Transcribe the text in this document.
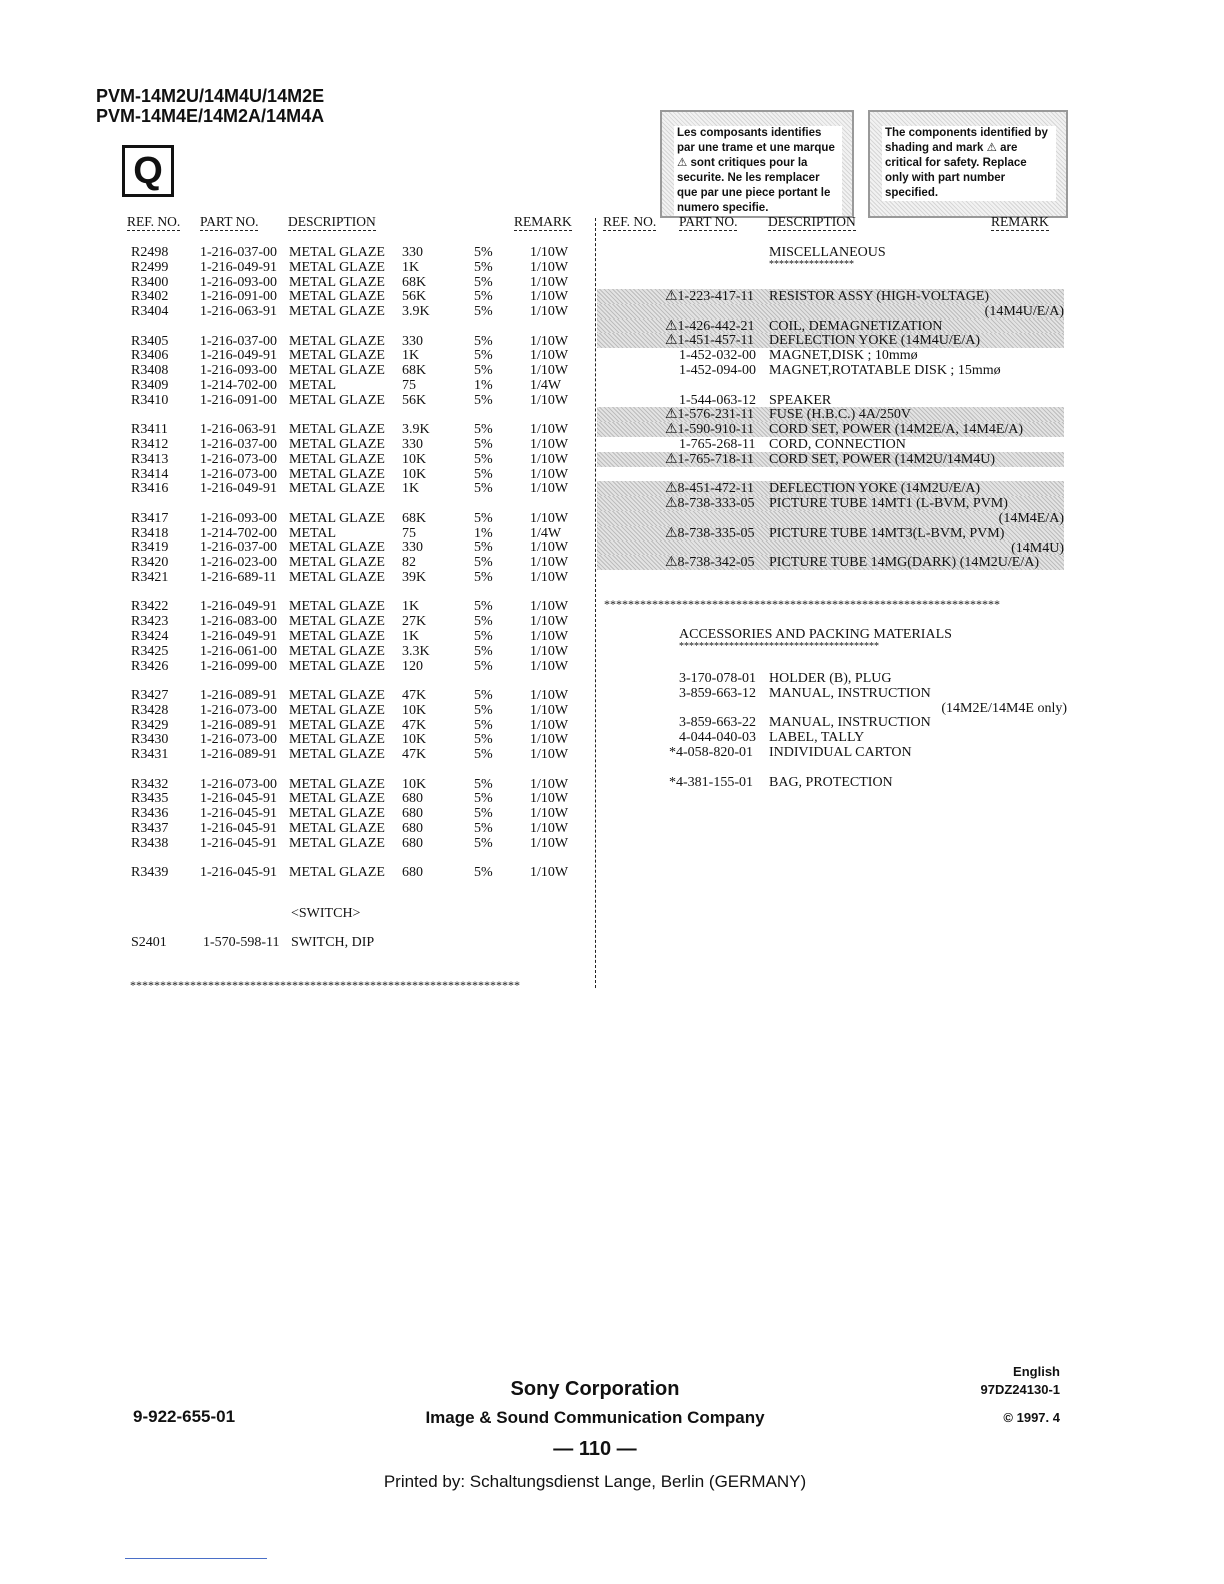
PVM-14M2U/14M4U/14M2E
PVM-14M4E/14M2A/14M4A
Q
Les composants identifies par une trame et une marque ⚠ sont critiques pour la securite. Ne les remplacer que par une piece portant le numero specifie.
The components identified by shading and mark ⚠ are critical for safety. Replace only with part number specified.
REF. NO. PART NO. DESCRIPTION	REMARK REF. NO. PART NO. DESCRIPTION	REMARK
R2498 1-216-037-00 METAL GLAZE 330	5%	1/10W
R2499 1-216-049-91 METAL GLAZE 1K	5%	1/10W
R3400 1-216-093-00 METAL GLAZE 68K	5%	1/10W
R3402 1-216-091-00 METAL GLAZE 56K	5%	1/10W
R3404 1-216-063-91 METAL GLAZE 3.9K	5%	1/10W
R3405 1-216-037-00 METAL GLAZE 330	5%	1/10W
R3406 1-216-049-91 METAL GLAZE 1K	5%	1/10W
R3408 1-216-093-00 METAL GLAZE 68K	5%	1/10W
R3409 1-214-702-00 METAL	75	1%	1/4W
R3410 1-216-091-00 METAL GLAZE 56K	5%	1/10W
R3411 1-216-063-91 METAL GLAZE 3.9K	5%	1/10W
R3412 1-216-037-00 METAL GLAZE 330	5%	1/10W
R3413 1-216-073-00 METAL GLAZE 10K	5%	1/10W
R3414 1-216-073-00 METAL GLAZE 10K	5%	1/10W
R3416 1-216-049-91 METAL GLAZE 1K	5%	1/10W
R3417 1-216-093-00 METAL GLAZE 68K	5%	1/10W
R3418 1-214-702-00 METAL	75	1%	1/4W
R3419 1-216-037-00 METAL GLAZE 330	5%	1/10W
R3420 1-216-023-00 METAL GLAZE 82	5%	1/10W
R3421 1-216-689-11 METAL GLAZE 39K	5%	1/10W
R3422 1-216-049-91 METAL GLAZE 1K	5%	1/10W
R3423 1-216-083-00 METAL GLAZE 27K	5%	1/10W
R3424 1-216-049-91 METAL GLAZE 1K	5%	1/10W
R3425 1-216-061-00 METAL GLAZE 3.3K	5%	1/10W
R3426 1-216-099-00 METAL GLAZE 120	5%	1/10W
R3427 1-216-089-91 METAL GLAZE 47K	5%	1/10W
R3428 1-216-073-00 METAL GLAZE 10K	5%	1/10W
R3429 1-216-089-91 METAL GLAZE 47K	5%	1/10W
R3430 1-216-073-00 METAL GLAZE 10K	5%	1/10W
R3431 1-216-089-91 METAL GLAZE 47K	5%	1/10W
R3432 1-216-073-00 METAL GLAZE 10K	5%	1/10W
R3435 1-216-045-91 METAL GLAZE 680	5%	1/10W
R3436 1-216-045-91 METAL GLAZE 680	5%	1/10W
R3437 1-216-045-91 METAL GLAZE 680	5%	1/10W
R3438 1-216-045-91 METAL GLAZE 680	5%	1/10W
R3439 1-216-045-91 METAL GLAZE 680	5%	1/10W
<SWITCH>
S2401	1-570-598-11 SWITCH, DIP
*****************************************************************
MISCELLANEOUS
*****************
⚠1-223-417-11 RESISTOR ASSY (HIGH-VOLTAGE)
(14M4U/E/A)
⚠1-426-442-21 COIL, DEMAGNETIZATION
⚠1-451-457-11 DEFLECTION YOKE (14M4U/E/A)
1-452-032-00 MAGNET,DISK ; 10mmø
1-452-094-00 MAGNET,ROTATABLE DISK ; 15mmø
1-544-063-12 SPEAKER
⚠1-576-231-11 FUSE (H.B.C.) 4A/250V
⚠1-590-910-11 CORD SET, POWER (14M2E/A, 14M4E/A)
1-765-268-11 CORD, CONNECTION
⚠1-765-718-11 CORD SET, POWER (14M2U/14M4U)
⚠8-451-472-11 DEFLECTION YOKE (14M2U/E/A)
⚠8-738-333-05 PICTURE TUBE 14MT1 (L-BVM, PVM)
(14M4E/A)
⚠8-738-335-05 PICTURE TUBE 14MT3(L-BVM, PVM)
(14M4U)
⚠8-738-342-05 PICTURE TUBE 14MG(DARK) (14M2U/E/A)
******************************************************************
ACCESSORIES AND PACKING MATERIALS
****************************************
3-170-078-01 HOLDER (B), PLUG
3-859-663-12 MANUAL, INSTRUCTION
(14M2E/14M4E only)
3-859-663-22 MANUAL, INSTRUCTION
4-044-040-03 LABEL, TALLY
*4-058-820-01 INDIVIDUAL CARTON
*4-381-155-01 BAG, PROTECTION
9-922-655-01
Sony Corporation
Image & Sound Communication Company
— 110 —
Printed by: Schaltungsdienst Lange, Berlin (GERMANY)
English
97DZ24130-1
© 1997. 4
